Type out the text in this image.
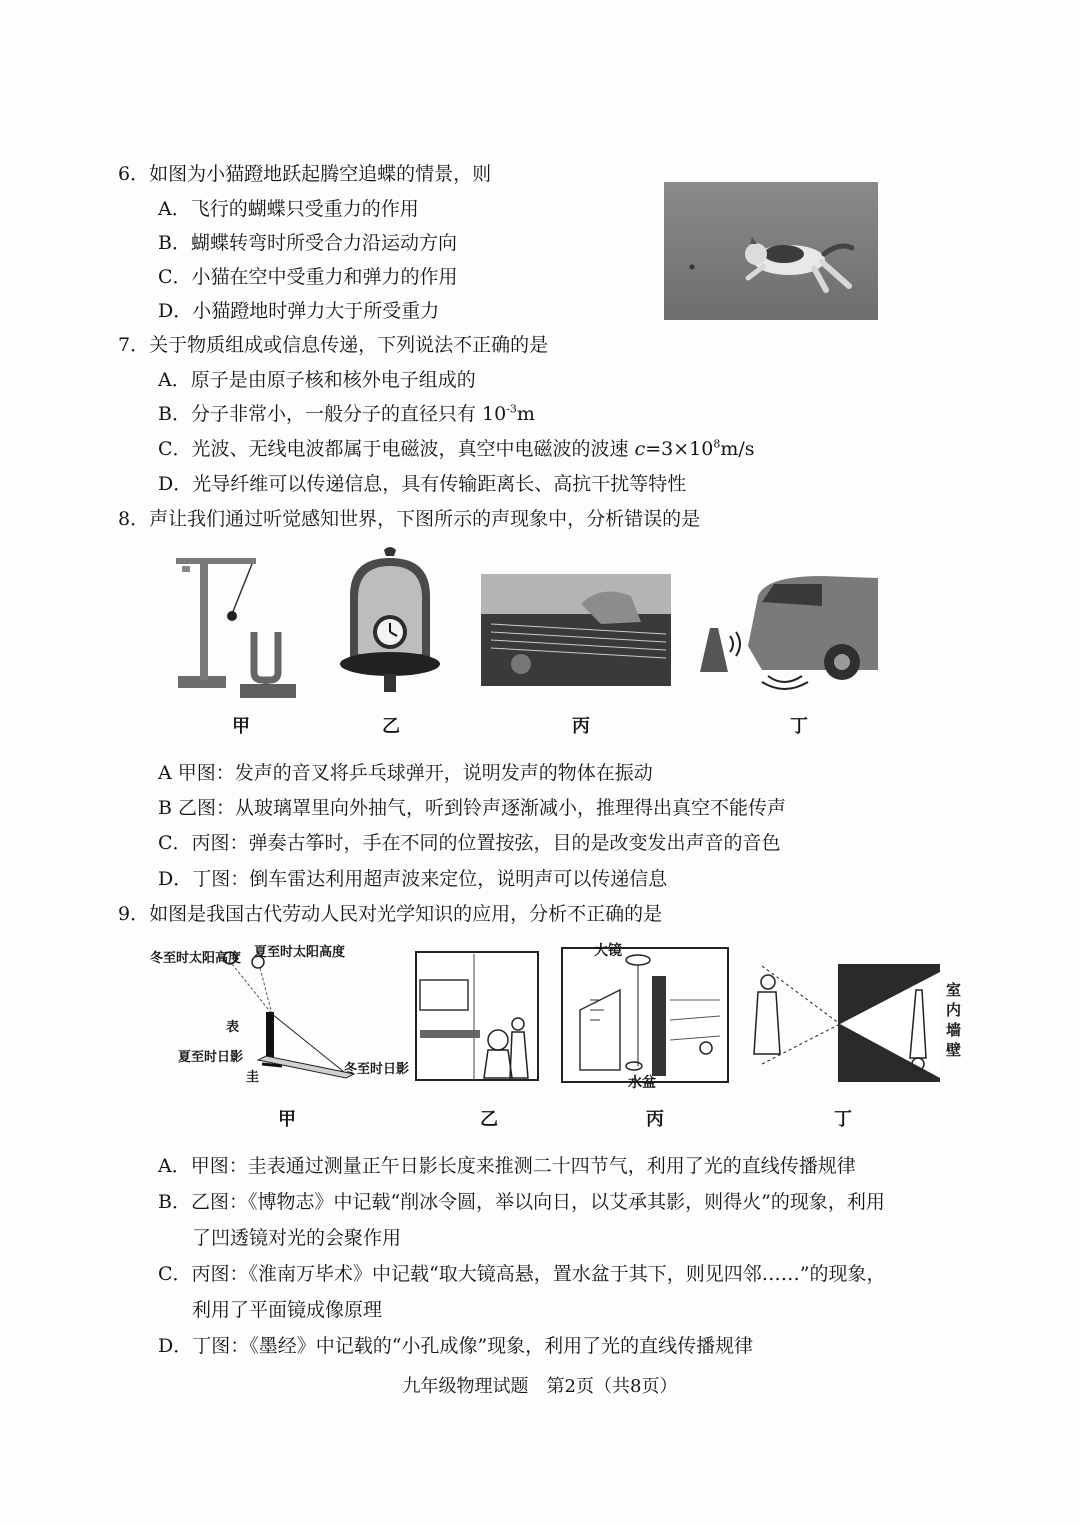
6．如图为小猫蹬地跃起腾空追蝶的情景，则
A．飞行的蝴蝶只受重力的作用
B．蝴蝶转弯时所受合力沿运动方向
C．小猫在空中受重力和弹力的作用
D．小猫蹬地时弹力大于所受重力
7．关于物质组成或信息传递，下列说法不正确的是
A．原子是由原子核和核外电子组成的
B．分子非常小，一般分子的直径只有 $10^{-3}m$
C．光波、无线电波都属于电磁波，真空中电磁波的波速 $c=3\times 10^8m/s$
D．光导纤维可以传递信息，具有传输距离长、高抗干扰等特性
8．声让我们通过听觉感知世界，下图所示的声现象中，分析错误的是
甲	乙	丙	丁
A 甲图：发声的音叉将乒乓球弹开，说明发声的物体在振动
B 乙图：从玻璃罩里向外抽气，听到铃声逐渐减小，推理得出真空不能传声
C．丙图：弹奏古筝时，手在不同的位置按弦，目的是改变发出声音的音色
D．丁图：倒车雷达利用超声波来定位，说明声可以传递信息
9．如图是我国古代劳动人民对光学知识的应用，分析不正确的是
冬至时太阳高度 夏至时太阳高度
表
夏至时日影
圭
冬至时日影
大镜
水盆
室内墙壁
甲	乙	丙	丁
A．甲图：圭表通过测量正午日影长度来推测二十四节气，利用了光的直线传播规律
B．乙图：《博物志》中记载“削冰令圆，举以向日，以艾承其影，则得火”的现象，利用
了凹透镜对光的会聚作用
C．丙图：《淮南万毕术》中记载“取大镜高悬，置水盆于其下，则见四邻……”的现象，
利用了平面镜成像原理
D．丁图：《墨经》中记载的“小孔成像”现象，利用了光的直线传播规律
九年级物理试题　第2页（共8页）
